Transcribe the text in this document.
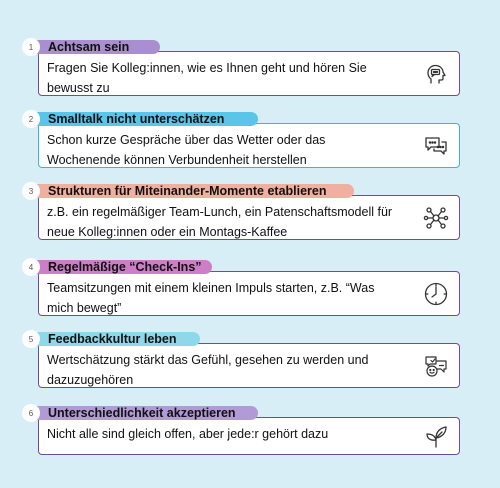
1	Achtsam sein
Fragen Sie Kolleg:innen, wie es Ihnen geht und hören Sie bewusst zu
2	Smalltalk nicht unterschätzen
Schon kurze Gespräche über das Wetter oder das Wochenende können Verbundenheit herstellen
3	Strukturen für Miteinander-Momente etablieren
z.B. ein regelmäßiger Team-Lunch, ein Patenschaftsmodell für neue Kolleg:innen oder ein Montags-Kaffee
4	Regelmäßige “Check-Ins”
Teamsitzungen mit einem kleinen Impuls starten, z.B. “Was mich bewegt”
5	Feedbackkultur leben
Wertschätzung stärkt das Gefühl, gesehen zu werden und dazuzugehören
6	Unterschiedlichkeit akzeptieren
Nicht alle sind gleich offen, aber jede:r gehört dazu
